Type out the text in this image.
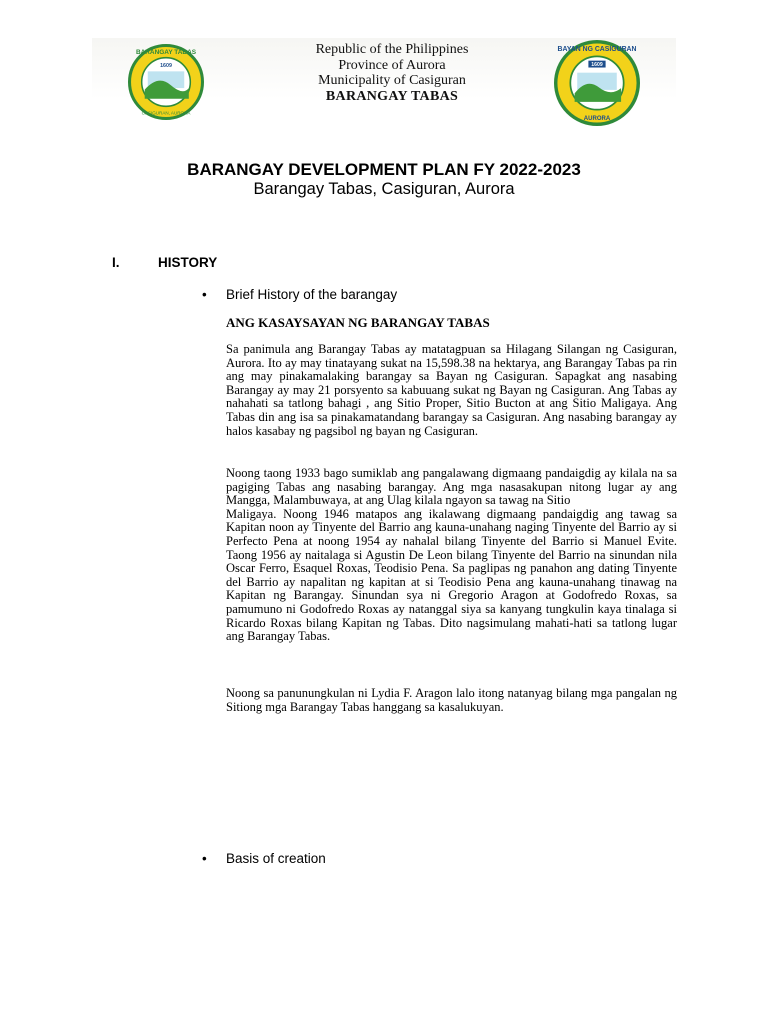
1609
BARANGAY TABAS
CASIGURAN, AURORA
Republic of the Philippines
Province of Aurora
Municipality of Casiguran
BARANGAY TABAS
1609
BAYAN NG CASIGURAN
AURORA
BARANGAY DEVELOPMENT PLAN FY 2022-2023
Barangay Tabas, Casiguran, Aurora
I.	HISTORY
• Brief History of the barangay
ANG KASAYSAYAN NG BARANGAY TABAS

Sa panimula ang Barangay Tabas ay matatagpuan sa Hilagang Silangan ng Casiguran, Aurora. Ito ay may tinatayang sukat na 15,598.38 na hektarya, ang Barangay Tabas pa rin ang may pinakamalaking barangay sa Bayan ng Casiguran. Sapagkat ang nasabing Barangay ay may 21 porsyento sa kabuuang sukat ng Bayan ng Casiguran. Ang Tabas ay nahahati sa tatlong bahagi , ang Sitio Proper, Sitio Bucton at ang Sitio Maligaya. Ang Tabas din ang isa sa pinakamatandang barangay sa Casiguran. Ang nasabing barangay ay halos kasabay ng pagsibol ng bayan ng Casiguran.

Noong taong 1933 bago sumiklab ang pangalawang digmaang pandaigdig ay kilala na sa pagiging Tabas ang nasabing barangay. Ang mga nasasakupan nitong lugar ay ang Mangga, Malambuwaya, at ang Ulag kilala ngayon sa tawag na Sitio
Maligaya. Noong 1946 matapos ang ikalawang digmaang pandaigdig ang tawag sa Kapitan noon ay Tinyente del Barrio ang kauna-unahang naging Tinyente del Barrio ay si Perfecto Pena at noong 1954 ay nahalal bilang Tinyente del Barrio si Manuel Evite. Taong 1956 ay naitalaga si Agustin De Leon bilang Tinyente del Barrio na sinundan nila Oscar Ferro, Esaquel Roxas, Teodisio Pena. Sa paglipas ng panahon ang dating Tinyente del Barrio ay napalitan ng kapitan at si Teodisio Pena ang kauna-unahang tinawag na Kapitan ng Barangay. Sinundan sya ni Gregorio Aragon at Godofredo Roxas, sa pamumuno ni Godofredo Roxas ay natanggal siya sa kanyang tungkulin kaya tinalaga si Ricardo Roxas bilang Kapitan ng Tabas. Dito nagsimulang mahati-hati sa tatlong lugar ang Barangay Tabas.

Noong sa panunungkulan ni Lydia F. Aragon lalo itong natanyag bilang mga pangalan ng Sitiong mga Barangay Tabas hanggang sa kasalukuyan.

• Basis of creation
